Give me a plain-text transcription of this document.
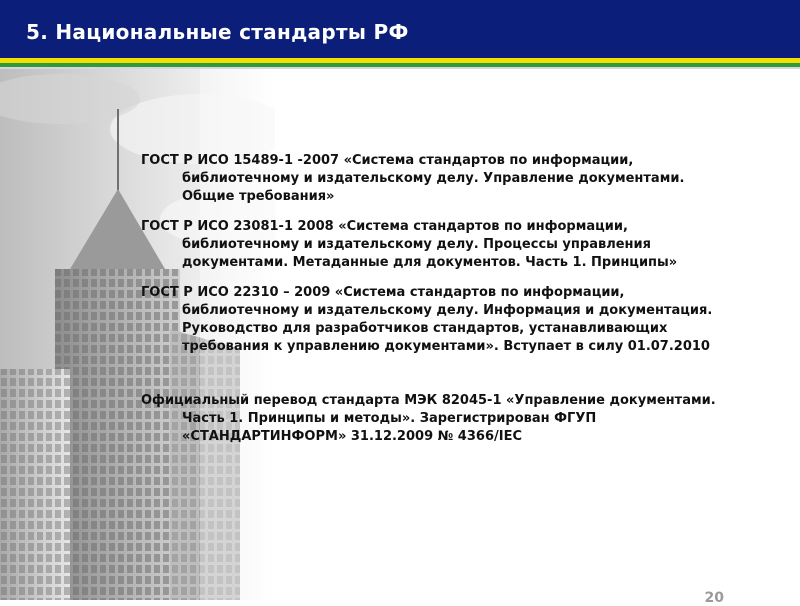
5. Национальные стандарты РФ

ГОСТ Р ИСО 15489-1 -2007 «Система стандартов по информации, библиотечному и издательскому делу. Управление документами. Общие требования»

ГОСТ Р ИСО 23081-1 2008 «Система стандартов по информации, библиотечному и издательскому делу. Процессы управления документами. Метаданные для документов. Часть 1. Принципы»

ГОСТ Р ИСО 22310 – 2009 «Система стандартов по информации, библиотечному и издательскому делу. Информация и документация. Руководство для разработчиков стандартов, устанавливающих требования к управлению документами». Вступает в силу 01.07.2010

Официальный перевод стандарта МЭК 82045-1 «Управление документами. Часть 1. Принципы и методы». Зарегистрирован ФГУП «СТАНДАРТИНФОРМ» 31.12.2009 № 4366/IEC

20
